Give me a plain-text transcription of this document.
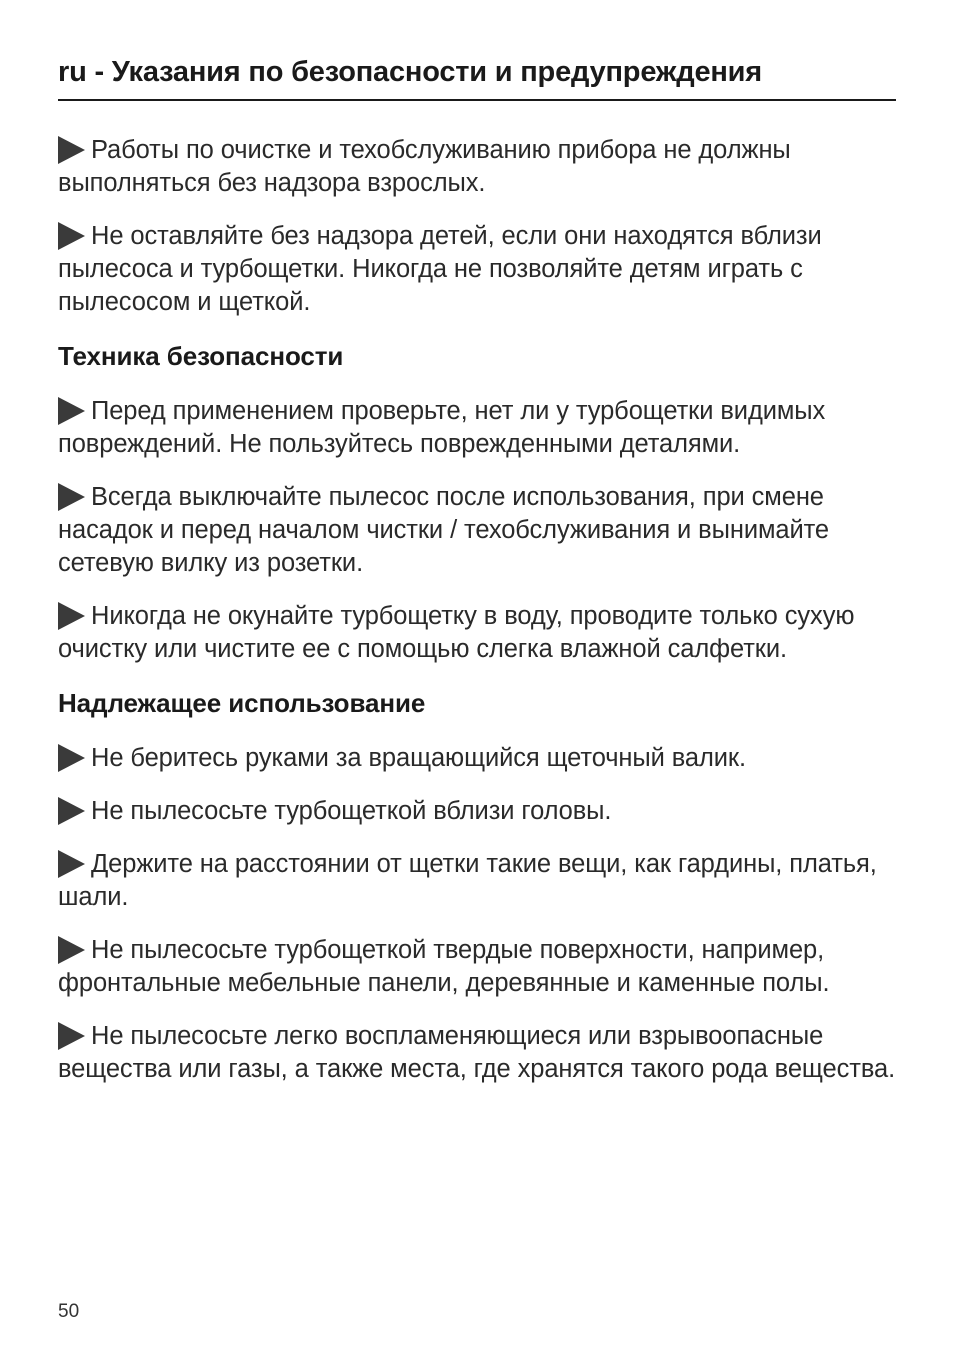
ru - Указания по безопасности и предупреждения

Работы по очистке и техобслуживанию прибора не должны выполняться без надзора взрослых.

Не оставляйте без надзора детей, если они находятся вблизи пылесоса и турбощетки. Никогда не позволяйте детям играть с пылесосом и щеткой.

Техника безопасности

Перед применением проверьте, нет ли у турбощетки видимых повреждений. Не пользуйтесь поврежденными деталями.

Всегда выключайте пылесос после использования, при смене насадок и перед началом чистки / техобслуживания и вынимайте сетевую вилку из розетки.

Никогда не окунайте турбощетку в воду, проводите только сухую очистку или чистите ее с помощью слегка влажной салфетки.

Надлежащее использование

Не беритесь руками за вращающийся щеточный валик.

Не пылесосьте турбощеткой вблизи головы.

Держите на расстоянии от щетки такие вещи, как гардины, платья, шали.

Не пылесосьте турбощеткой твердые поверхности, например, фронтальные мебельные панели, деревянные и каменные полы.

Не пылесосьте легко воспламеняющиеся или взрывоопасные вещества или газы, а также места, где хранятся такого рода вещества.

50
